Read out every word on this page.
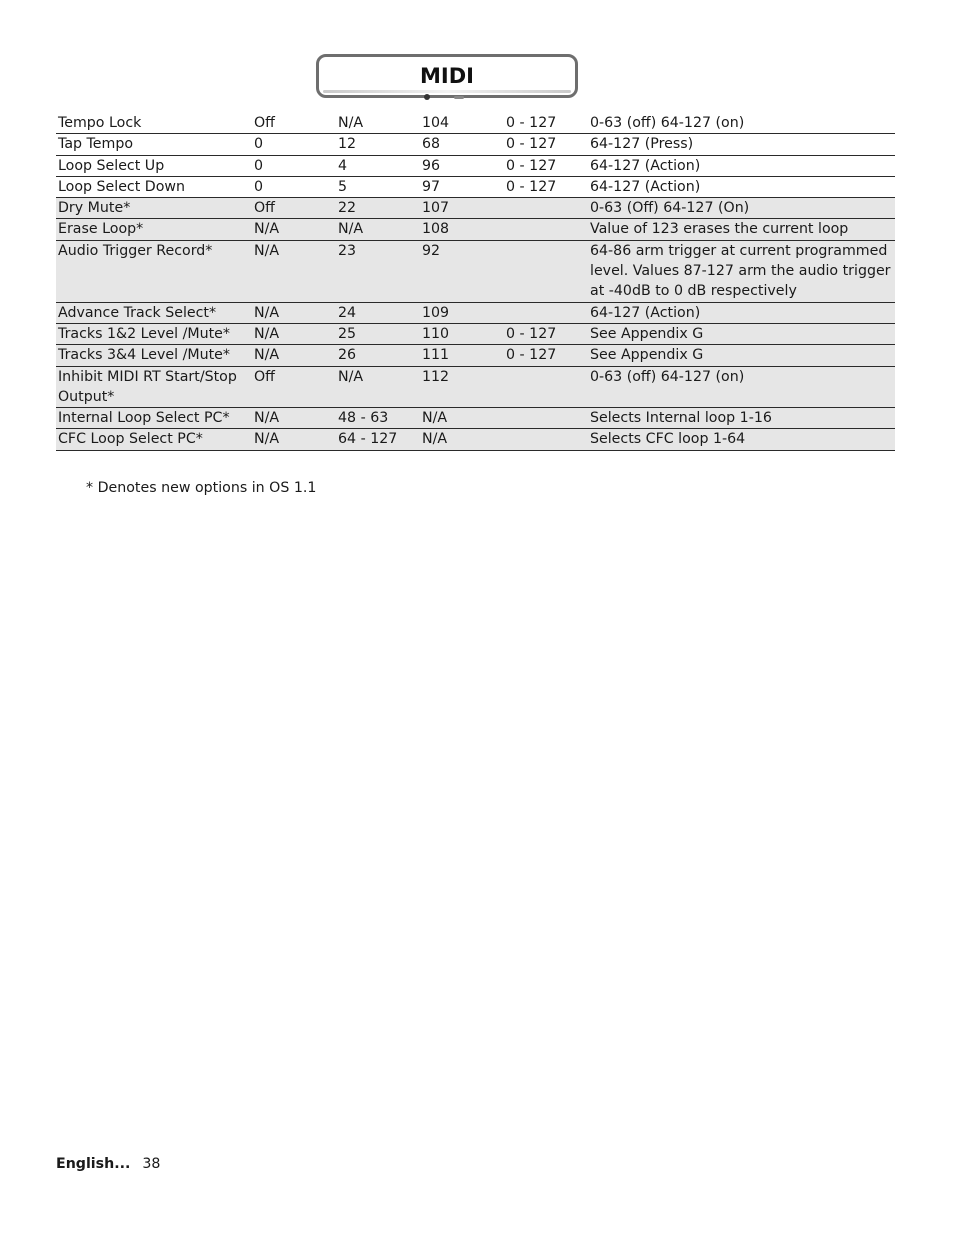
MIDI
Tempo Lock	Off	N/A	104	0 - 127	0-63 (off) 64-127 (on)
Tap Tempo	0	12	68	0 - 127	64-127 (Press)
Loop Select Up	0	4	96	0 - 127	64-127 (Action)
Loop Select Down	0	5	97	0 - 127	64-127 (Action)
Dry Mute*	Off	22	107		0-63 (Off) 64-127 (On)
Erase Loop*	N/A	N/A	108		Value of 123 erases the current loop
Audio Trigger Record*	N/A	23	92		64-86 arm trigger at current programmed level. Values 87-127 arm the audio trigger at -40dB to 0 dB respectively
Advance Track Select*	N/A	24	109		64-127 (Action)
Tracks 1&2 Level /Mute*	N/A	25	110	0 - 127	See Appendix G
Tracks 3&4 Level /Mute*	N/A	26	111	0 - 127	See Appendix G
Inhibit MIDI RT Start/Stop Output*	Off	N/A	112		0-63 (off) 64-127 (on)
Internal Loop Select PC*	N/A	48 - 63	N/A		Selects Internal loop 1-16
CFC Loop Select PC*	N/A	64 - 127	N/A		Selects CFC loop 1-64
* Denotes new options in OS 1.1
English... 38
